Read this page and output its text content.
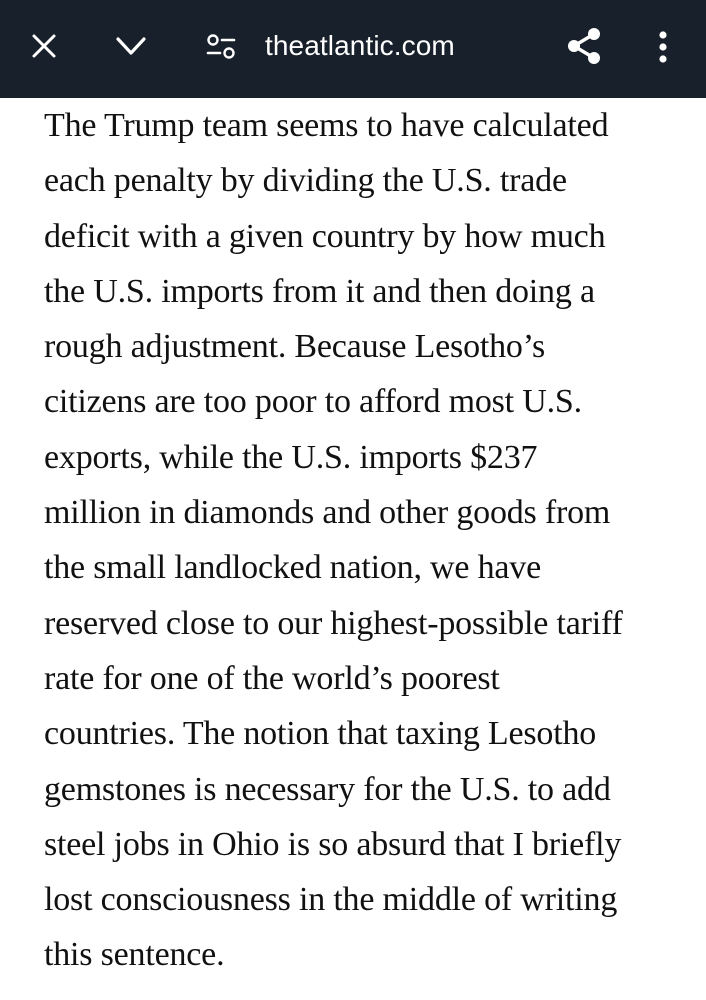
theatlantic.com

The Trump team seems to have calculated
each penalty by dividing the U.S. trade
deficit with a given country by how much
the U.S. imports from it and then doing a
rough adjustment. Because Lesotho’s
citizens are too poor to afford most U.S.
exports, while the U.S. imports $237
million in diamonds and other goods from
the small landlocked nation, we have
reserved close to our highest-possible tariff
rate for one of the world’s poorest
countries. The notion that taxing Lesotho
gemstones is necessary for the U.S. to add
steel jobs in Ohio is so absurd that I briefly
lost consciousness in the middle of writing
this sentence.
